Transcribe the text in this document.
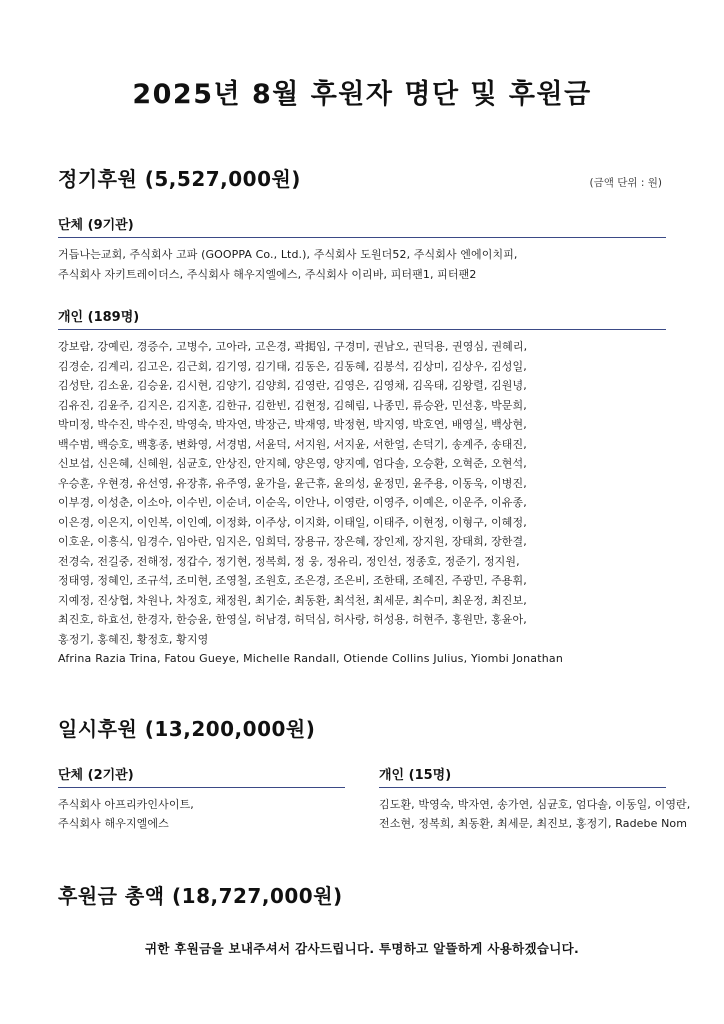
2025년 8월 후원자 명단 및 후원금
정기후원 (5,527,000원)	(금액 단위 : 원)
단체 (9기관)
거듭나는교회, 주식회사 고파 (GOOPPA Co., Ltd.), 주식회사 도원더52, 주식회사 엔에이치피,
주식회사 자키트레이더스, 주식회사 해우지엘에스, 주식회사 이리바, 피터팬1, 피터팬2
개인 (189명)
강보람, 강예린, 경증수, 고병수, 고아라, 고은경, 곽掲임, 구경미, 권남오, 권덕용, 권영심, 권혜리,
김경순, 김계리, 김고은, 김근회, 김기영, 김기태, 김동은, 김동혜, 김봉석, 김상미, 김상우, 김성일,
김성탄, 김소윤, 김승윤, 김시현, 김양기, 김양희, 김영란, 김영은, 김영채, 김옥태, 김왕렬, 김원녕,
김유진, 김윤주, 김지은, 김지훈, 김한규, 김한빈, 김현정, 김혜림, 나종민, 류승완, 민선홍, 박문희,
박미정, 박수진, 박수진, 박영숙, 박자연, 박장근, 박재영, 박정현, 박지영, 박호연, 배영실, 백상현,
백수범, 백승호, 백홍종, 변화영, 서경범, 서윤덕, 서지원, 서지윤, 서한얼, 손덕기, 송계주, 송태진,
신보섭, 신은혜, 신혜원, 심균호, 안상진, 안지혜, 양은영, 양지예, 엄다솔, 오승환, 오혁준, 오현석,
우승훈, 우현경, 유선영, 유장휴, 유주영, 윤가을, 윤근휴, 윤의성, 윤정민, 윤주용, 이동욱, 이병진,
이부경, 이성춘, 이소아, 이수빈, 이순녀, 이순옥, 이안나, 이영란, 이영주, 이예은, 이운주, 이유종,
이은경, 이은지, 이인복, 이인예, 이정화, 이주상, 이지화, 이태일, 이태주, 이현정, 이형구, 이혜정,
이호운, 이흥식, 임경수, 임아란, 임지은, 임희덕, 장용규, 장은혜, 장인제, 장지원, 장태희, 장한결,
전경숙, 전길중, 전해정, 정갑수, 정기현, 정복희, 정 웅, 정유리, 정인선, 정종호, 정준기, 정지원,
정태영, 정혜인, 조규석, 조미현, 조영철, 조원호, 조은경, 조은비, 조한태, 조혜진, 주광민, 주용휘,
지예정, 진상협, 차원나, 차정호, 채정원, 최기순, 최동환, 최석천, 최세문, 최수미, 최운정, 최진보,
최진호, 하효선, 한경자, 한승윤, 한영실, 허남경, 허덕심, 허사랑, 허성용, 허현주, 홍원만, 홍윤아,
홍정기, 홍혜진, 황정호, 황지영
Afrina Razia Trina, Fatou Gueye, Michelle Randall, Otiende Collins Julius, Yiombi Jonathan
일시후원 (13,200,000원)
단체 (2기관)
주식회사 아프리카인사이트,
주식회사 해우지엘에스
개인 (15명)
김도환, 박영숙, 박자연, 송가연, 심균호, 엄다솔, 이동일, 이영란,
전소현, 정복희, 최동환, 최세문, 최진보, 홍정기, Radebe Nom
후원금 총액 (18,727,000원)
귀한 후원금을 보내주셔서 감사드립니다. 투명하고 알뜰하게 사용하겠습니다.
